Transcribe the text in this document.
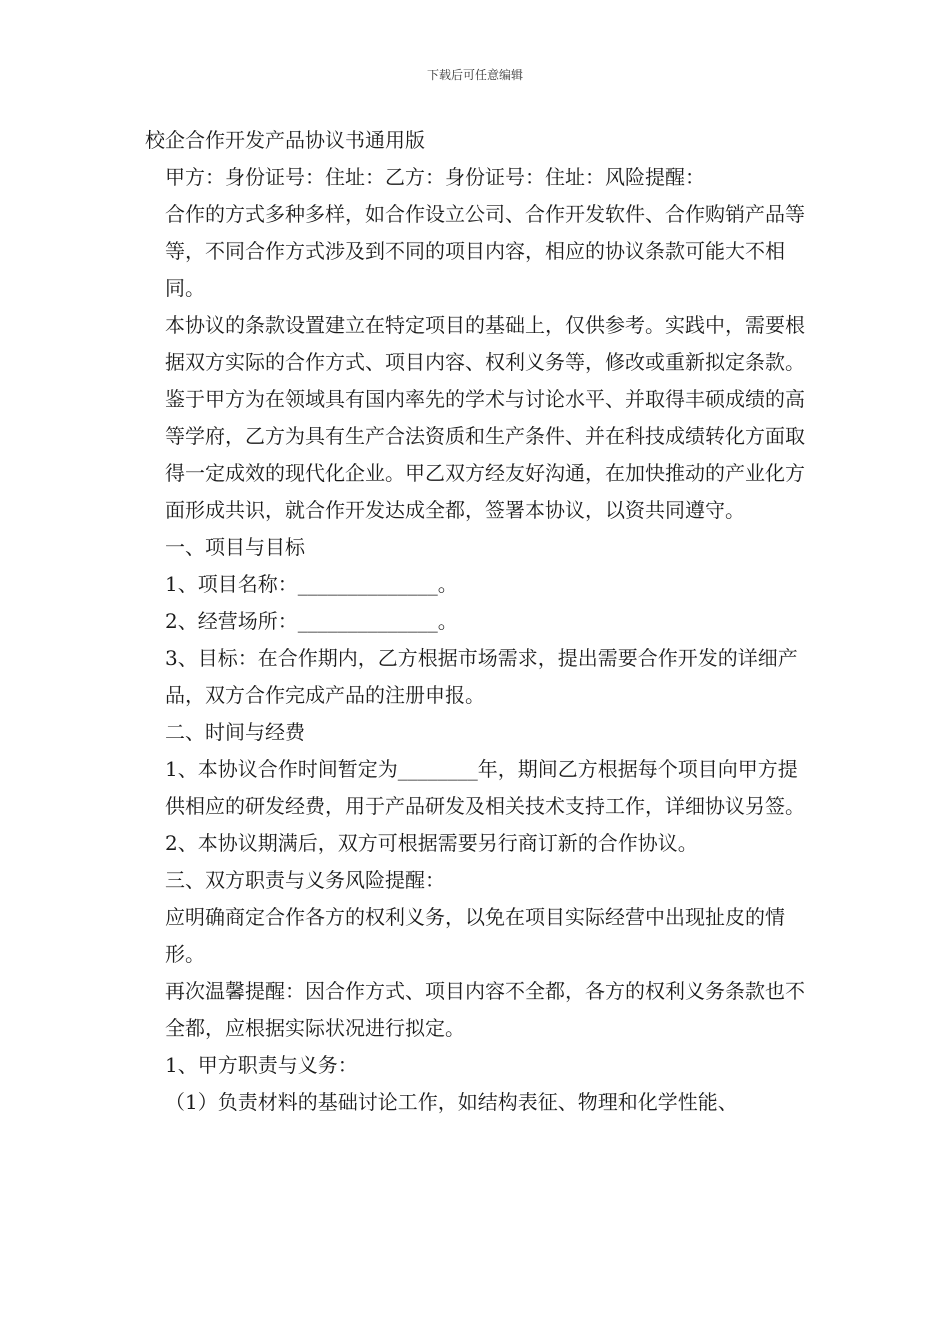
下载后可任意编辑

校企合作开发产品协议书通用版

甲方：身份证号：住址：乙方：身份证号：住址：风险提醒：

合作的方式多种多样，如合作设立公司、合作开发软件、合作购销产品等等，不同合作方式涉及到不同的项目内容，相应的协议条款可能大不相同。

本协议的条款设置建立在特定项目的基础上，仅供参考。实践中，需要根据双方实际的合作方式、项目内容、权利义务等，修改或重新拟定条款。 鉴于甲方为在领域具有国内率先的学术与讨论水平、并取得丰硕成绩的高等学府，乙方为具有生产合法资质和生产条件、并在科技成绩转化方面取得一定成效的现代化企业。甲乙双方经友好沟通，在加快推动的产业化方面形成共识，就合作开发达成全都，签署本协议，以资共同遵守。

一、项目与目标

1、项目名称：______________。

2、经营场所：______________。

3、目标：在合作期内，乙方根据市场需求，提出需要合作开发的详细产品，双方合作完成产品的注册申报。

二、时间与经费

1、本协议合作时间暂定为________年，期间乙方根据每个项目向甲方提供相应的研发经费，用于产品研发及相关技术支持工作，详细协议另签。

2、本协议期满后，双方可根据需要另行商订新的合作协议。

三、双方职责与义务风险提醒：

应明确商定合作各方的权利义务，以免在项目实际经营中出现扯皮的情形。

再次温馨提醒：因合作方式、项目内容不全都，各方的权利义务条款也不全都，应根据实际状况进行拟定。

1、甲方职责与义务：

（1）负责材料的基础讨论工作，如结构表征、物理和化学性能、
